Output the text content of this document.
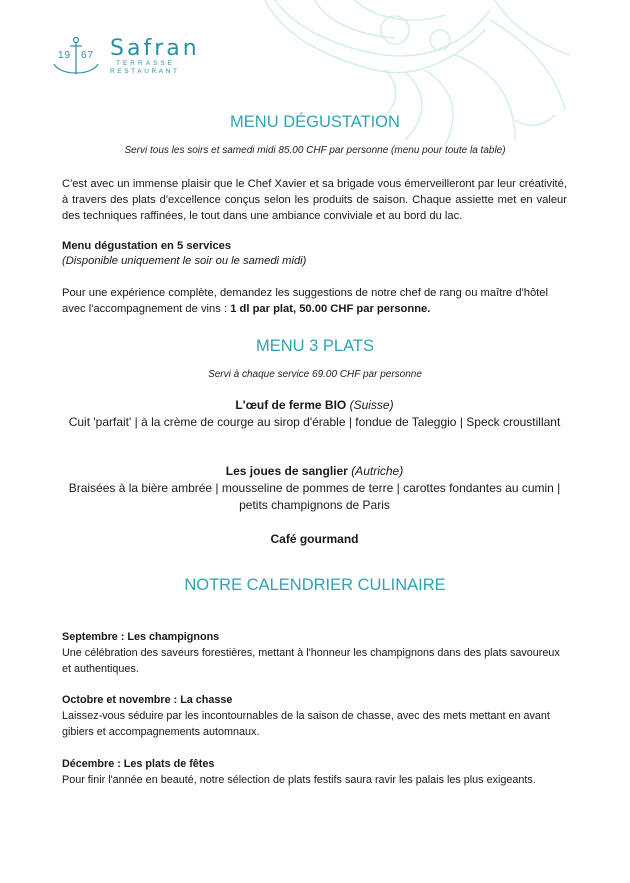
19 67 Safran
TERRASSE
RESTAURANT
MENU DÉGUSTATION
Servi tous les soirs et samedi midi 85.00 CHF par personne (menu pour toute la table)
C'est avec un immense plaisir que le Chef Xavier et sa brigade vous émerveilleront par leur créativité, à travers des plats d'excellence conçus selon les produits de saison. Chaque assiette met en valeur des techniques raffinées, le tout dans une ambiance conviviale et au bord du lac.
Menu dégustation en 5 services
(Disponible uniquement le soir ou le samedi midi)
Pour une expérience complète, demandez les suggestions de notre chef de rang ou maître d'hôtel avec l'accompagnement de vins : 1 dl par plat, 50.00 CHF par personne.
MENU 3 PLATS
Servi à chaque service 69.00 CHF par personne
L'œuf de ferme BIO (Suisse)
Cuit 'parfait' | à la crème de courge au sirop d'érable | fondue de Taleggio | Speck croustillant
Les joues de sanglier (Autriche)
Braisées à la bière ambrée | mousseline de pommes de terre | carottes fondantes au cumin | petits champignons de Paris
Café gourmand
NOTRE CALENDRIER CULINAIRE
Septembre : Les champignons
Une célébration des saveurs forestières, mettant à l'honneur les champignons dans des plats savoureux et authentiques.
Octobre et novembre : La chasse
Laissez-vous séduire par les incontournables de la saison de chasse, avec des mets mettant en avant gibiers et accompagnements automnaux.
Décembre : Les plats de fêtes
Pour finir l'année en beauté, notre sélection de plats festifs saura ravir les palais les plus exigeants.
